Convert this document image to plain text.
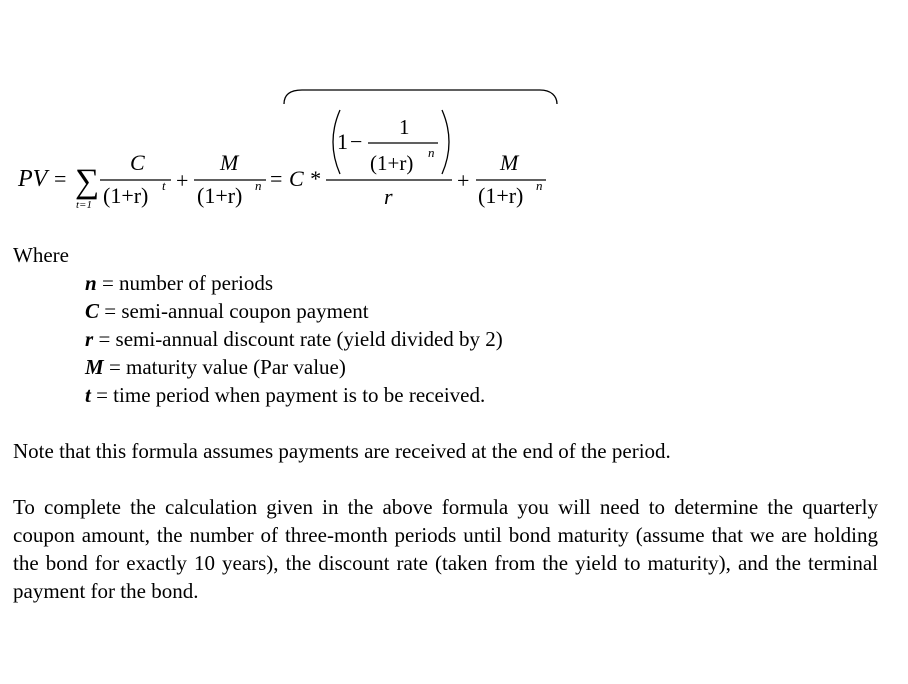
PV = ∑
t=1
C
(1+r) t +
M
(1+r) n = C *
1 −
1
(1+r) n
r
+
M
(1+r) n
Where
n = number of periods
C = semi-annual coupon payment
r = semi-annual discount rate (yield divided by 2)
M = maturity value (Par value)
t = time period when payment is to be received.

Note that this formula assumes payments are received at the end of the period.

To complete the calculation given in the above formula you will need to determine the quarterly coupon amount, the number of three-month periods until bond maturity (assume that we are holding the bond for exactly 10 years), the discount rate (taken from the yield to maturity), and the terminal payment for the bond.
